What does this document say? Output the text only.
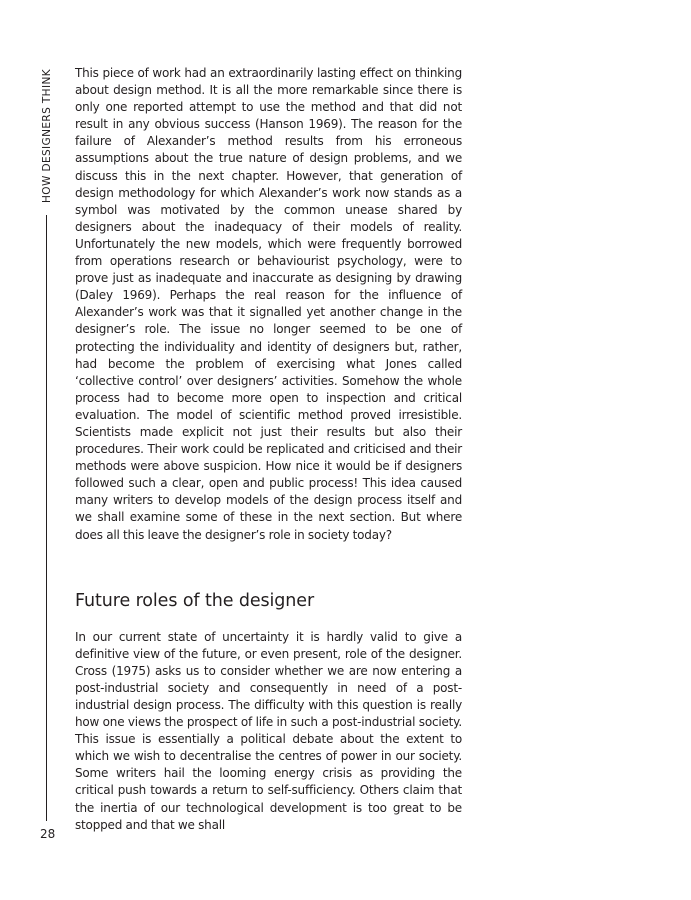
HOW DESIGNERS THINK
28

This piece of work had an extraordinarily lasting effect on thinking about design method. It is all the more remarkable since there is only one reported attempt to use the method and that did not result in any obvious success (Hanson 1969). The reason for the failure of Alexander’s method results from his erroneous assumptions about the true nature of design problems, and we discuss this in the next chapter. However, that generation of design methodology for which Alexander’s work now stands as a symbol was motivated by the common unease shared by designers about the inadequacy of their models of reality. Unfortunately the new models, which were frequently borrowed from operations research or behaviourist psychology, were to prove just as inadequate and inaccurate as designing by drawing (Daley 1969). Perhaps the real reason for the influence of Alexander’s work was that it signalled yet another change in the designer’s role. The issue no longer seemed to be one of protecting the individuality and identity of designers but, rather, had become the problem of exercising what Jones called ‘collective control’ over designers’ activities. Somehow the whole process had to become more open to inspection and critical evaluation. The model of scientific method proved irresistible. Scientists made explicit not just their results but also their procedures. Their work could be replicated and criticised and their methods were above suspicion. How nice it would be if designers followed such a clear, open and public process! This idea caused many writers to develop models of the design process itself and we shall examine some of these in the next section. But where does all this leave the designer’s role in society today?

Future roles of the designer

In our current state of uncertainty it is hardly valid to give a definitive view of the future, or even present, role of the designer. Cross (1975) asks us to consider whether we are now entering a post-industrial society and consequently in need of a post-industrial design process. The difficulty with this question is really how one views the prospect of life in such a post-industrial society. This issue is essentially a political debate about the extent to which we wish to decentralise the centres of power in our society. Some writers hail the looming energy crisis as providing the critical push towards a return to self-sufficiency. Others claim that the inertia of our technological development is too great to be stopped and that we shall
